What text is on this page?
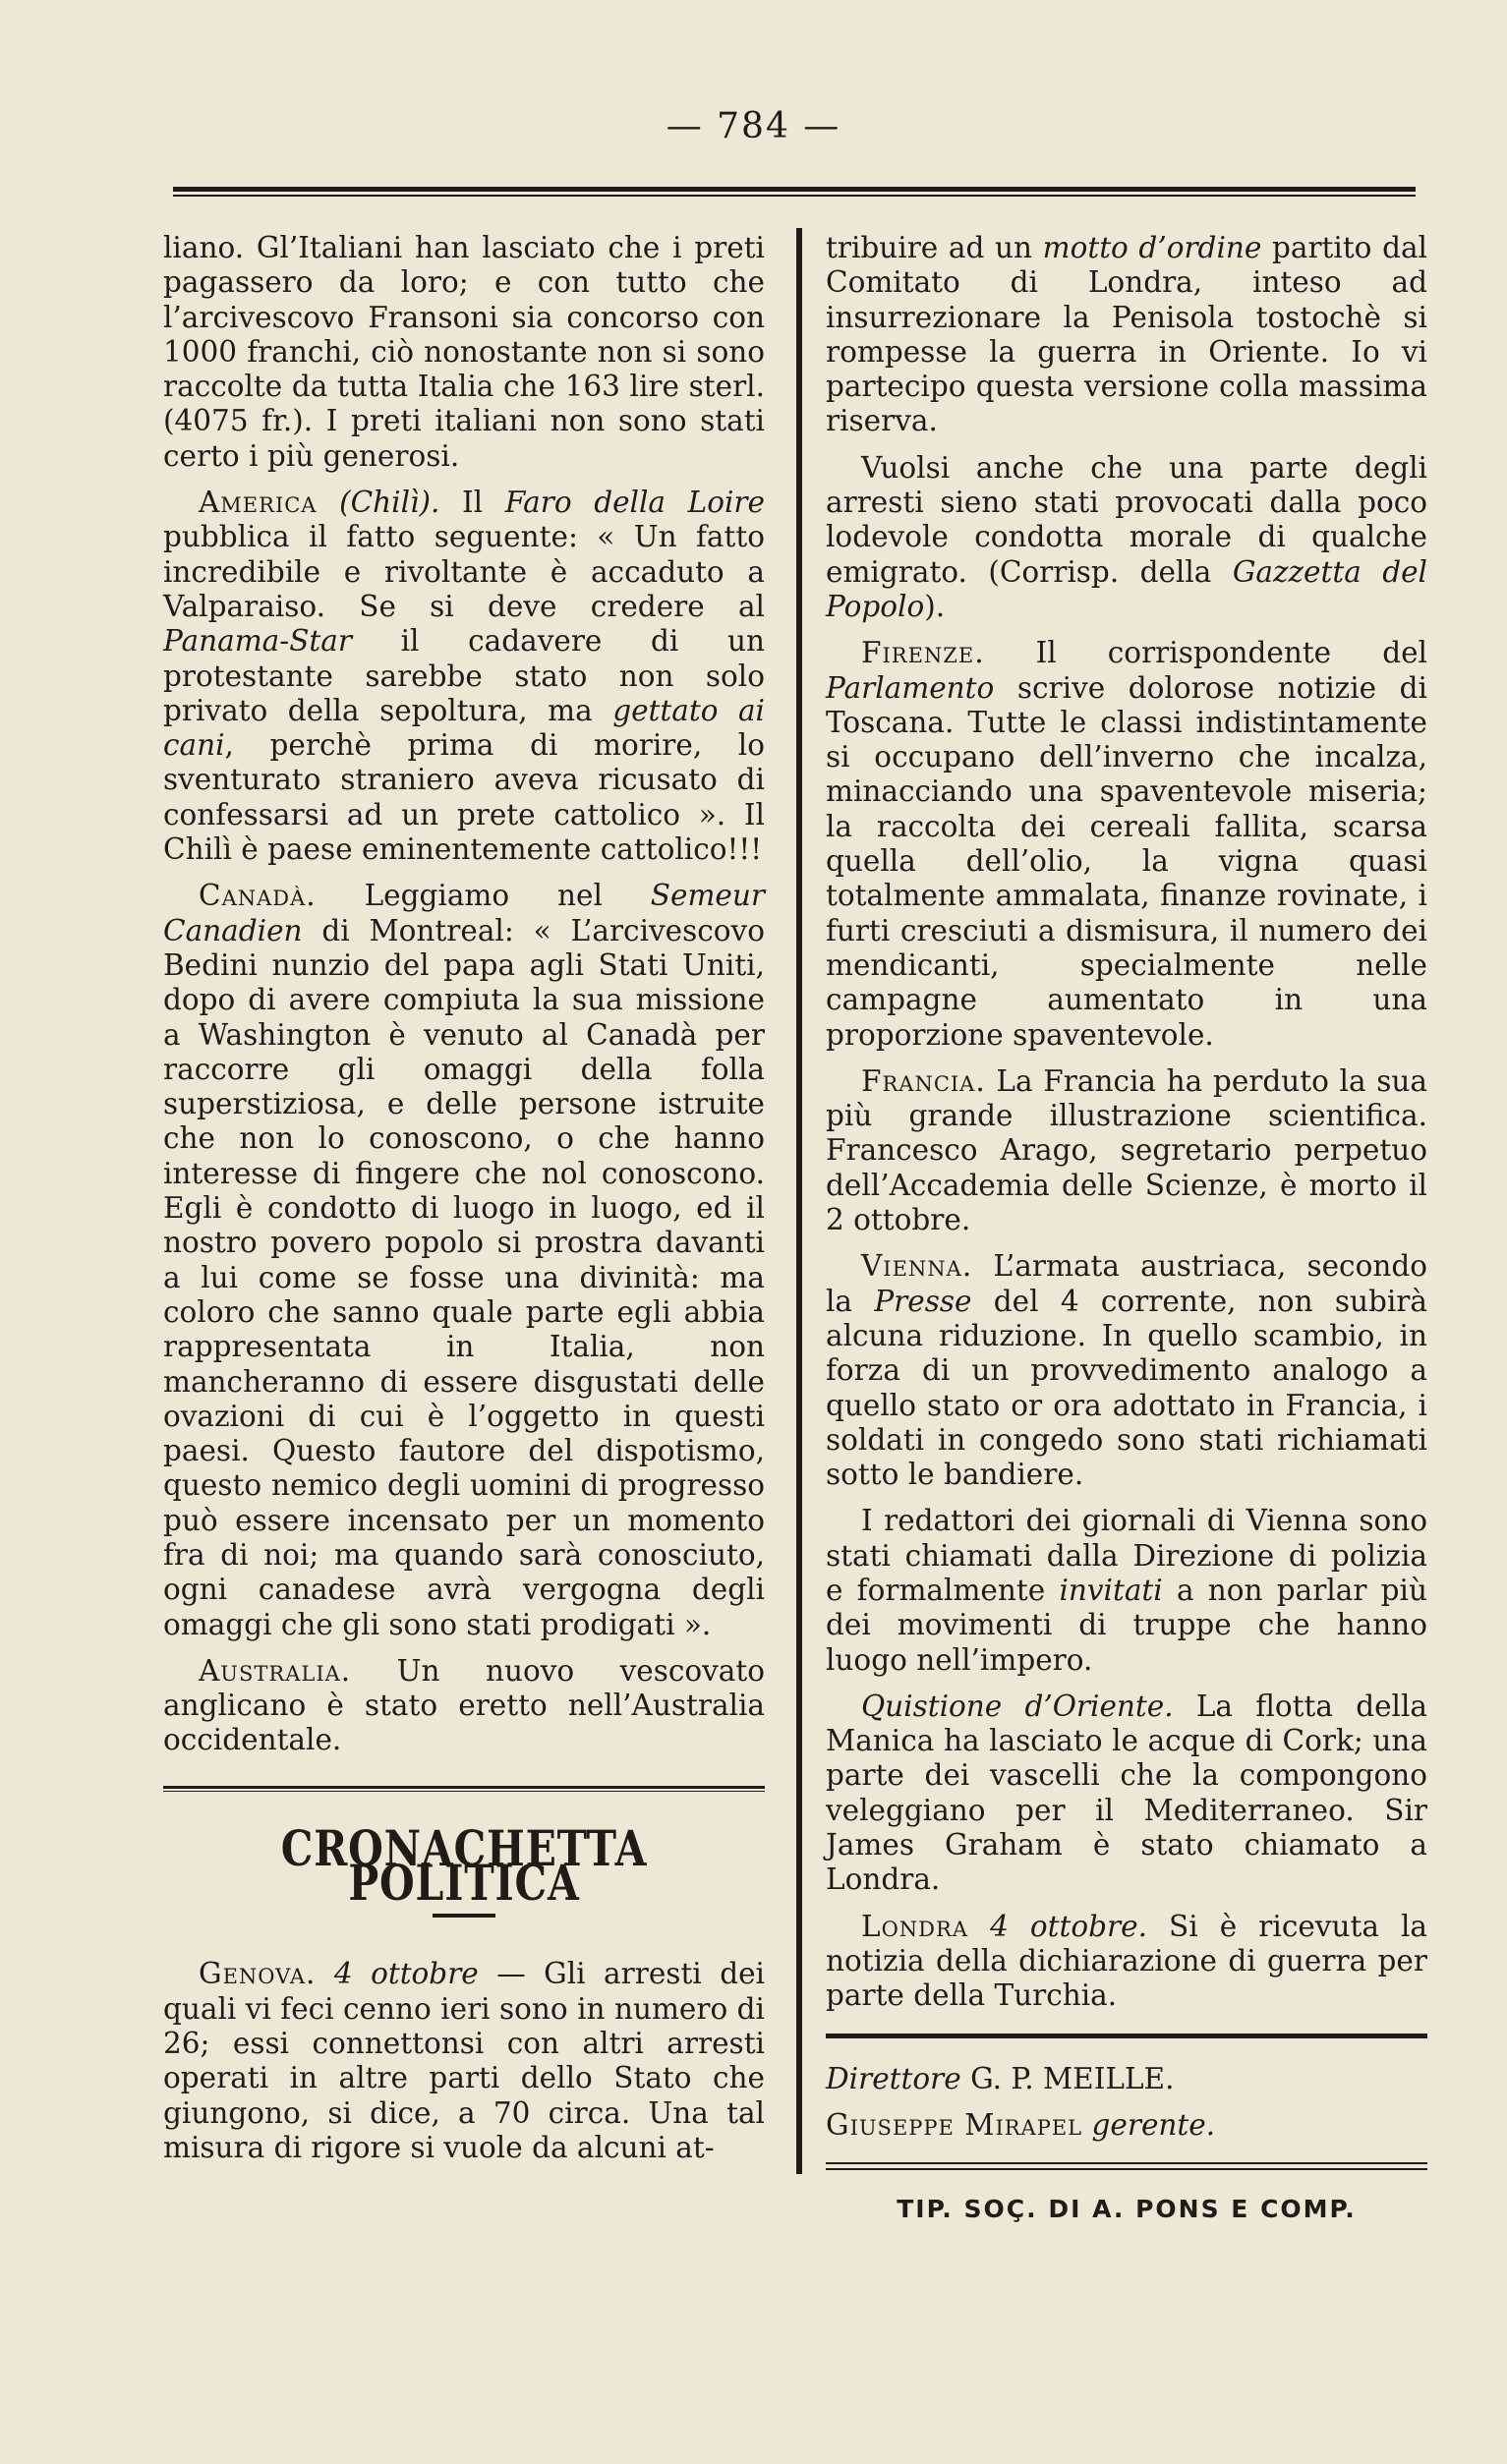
— 784 —

liano. Gl’Italiani han lasciato che i preti pagassero da loro; e con tutto che l’arcivescovo Fransoni sia concorso con 1000 franchi, ciò nonostante non si sono raccolte da tutta Italia che 163 lire sterl. (4075 fr.). I preti italiani non sono stati certo i più generosi.

America (Chilì). Il Faro della Loire pubblica il fatto seguente: « Un fatto incredibile e rivoltante è accaduto a Valparaiso. Se si deve credere al Panama-Star il cadavere di un protestante sarebbe stato non solo privato della sepoltura, ma gettato ai cani, perchè prima di morire, lo sventurato straniero aveva ricusato di confessarsi ad un prete cattolico ». Il Chilì è paese eminentemente cattolico!!!

Canadà. Leggiamo nel Semeur Canadien di Montreal: « L’arcivescovo Bedini nunzio del papa agli Stati Uniti, dopo di avere compiuta la sua missione a Washington è venuto al Canadà per raccorre gli omaggi della folla superstiziosa, e delle persone istruite che non lo conoscono, o che hanno interesse di fingere che nol conoscono. Egli è condotto di luogo in luogo, ed il nostro povero popolo si prostra davanti a lui come se fosse una divinità: ma coloro che sanno quale parte egli abbia rappresentata in Italia, non mancheranno di essere disgustati delle ovazioni di cui è l’oggetto in questi paesi. Questo fautore del dispotismo, questo nemico degli uomini di progresso può essere incensato per un momento fra di noi; ma quando sarà conosciuto, ogni canadese avrà vergogna degli omaggi che gli sono stati prodigati ».

Australia. Un nuovo vescovato anglicano è stato eretto nell’Australia occidentale.

CRONACHETTA POLITICA

Genova. 4 ottobre — Gli arresti dei quali vi feci cenno ieri sono in numero di 26; essi connettonsi con altri arresti operati in altre parti dello Stato che giungono, si dice, a 70 circa. Una tal misura di rigore si vuole da alcuni at-

tribuire ad un motto d’ordine partito dal Comitato di Londra, inteso ad insurrezionare la Penisola tostochè si rompesse la guerra in Oriente. Io vi partecipo questa versione colla massima riserva.

Vuolsi anche che una parte degli arresti sieno stati provocati dalla poco lodevole condotta morale di qualche emigrato. (Corrisp. della Gazzetta del Popolo).

Firenze. Il corrispondente del Parlamento scrive dolorose notizie di Toscana. Tutte le classi indistintamente si occupano dell’inverno che incalza, minacciando una spaventevole miseria; la raccolta dei cereali fallita, scarsa quella dell’olio, la vigna quasi totalmente ammalata, finanze rovinate, i furti cresciuti a dismisura, il numero dei mendicanti, specialmente nelle campagne aumentato in una proporzione spaventevole.

Francia. La Francia ha perduto la sua più grande illustrazione scientifica. Francesco Arago, segretario perpetuo dell’Accademia delle Scienze, è morto il 2 ottobre.

Vienna. L’armata austriaca, secondo la Presse del 4 corrente, non subirà alcuna riduzione. In quello scambio, in forza di un provvedimento analogo a quello stato or ora adottato in Francia, i soldati in congedo sono stati richiamati sotto le bandiere.

I redattori dei giornali di Vienna sono stati chiamati dalla Direzione di polizia e formalmente invitati a non parlar più dei movimenti di truppe che hanno luogo nell’impero.

Quistione d’Oriente. La flotta della Manica ha lasciato le acque di Cork; una parte dei vascelli che la compongono veleggiano per il Mediterraneo. Sir James Graham è stato chiamato a Londra.

Londra 4 ottobre. Si è ricevuta la notizia della dichiarazione di guerra per parte della Turchia.

Direttore G. P. MEILLE.

Giuseppe Mirapel gerente.

TIP. SOÇ. DI A. PONS E COMP.
